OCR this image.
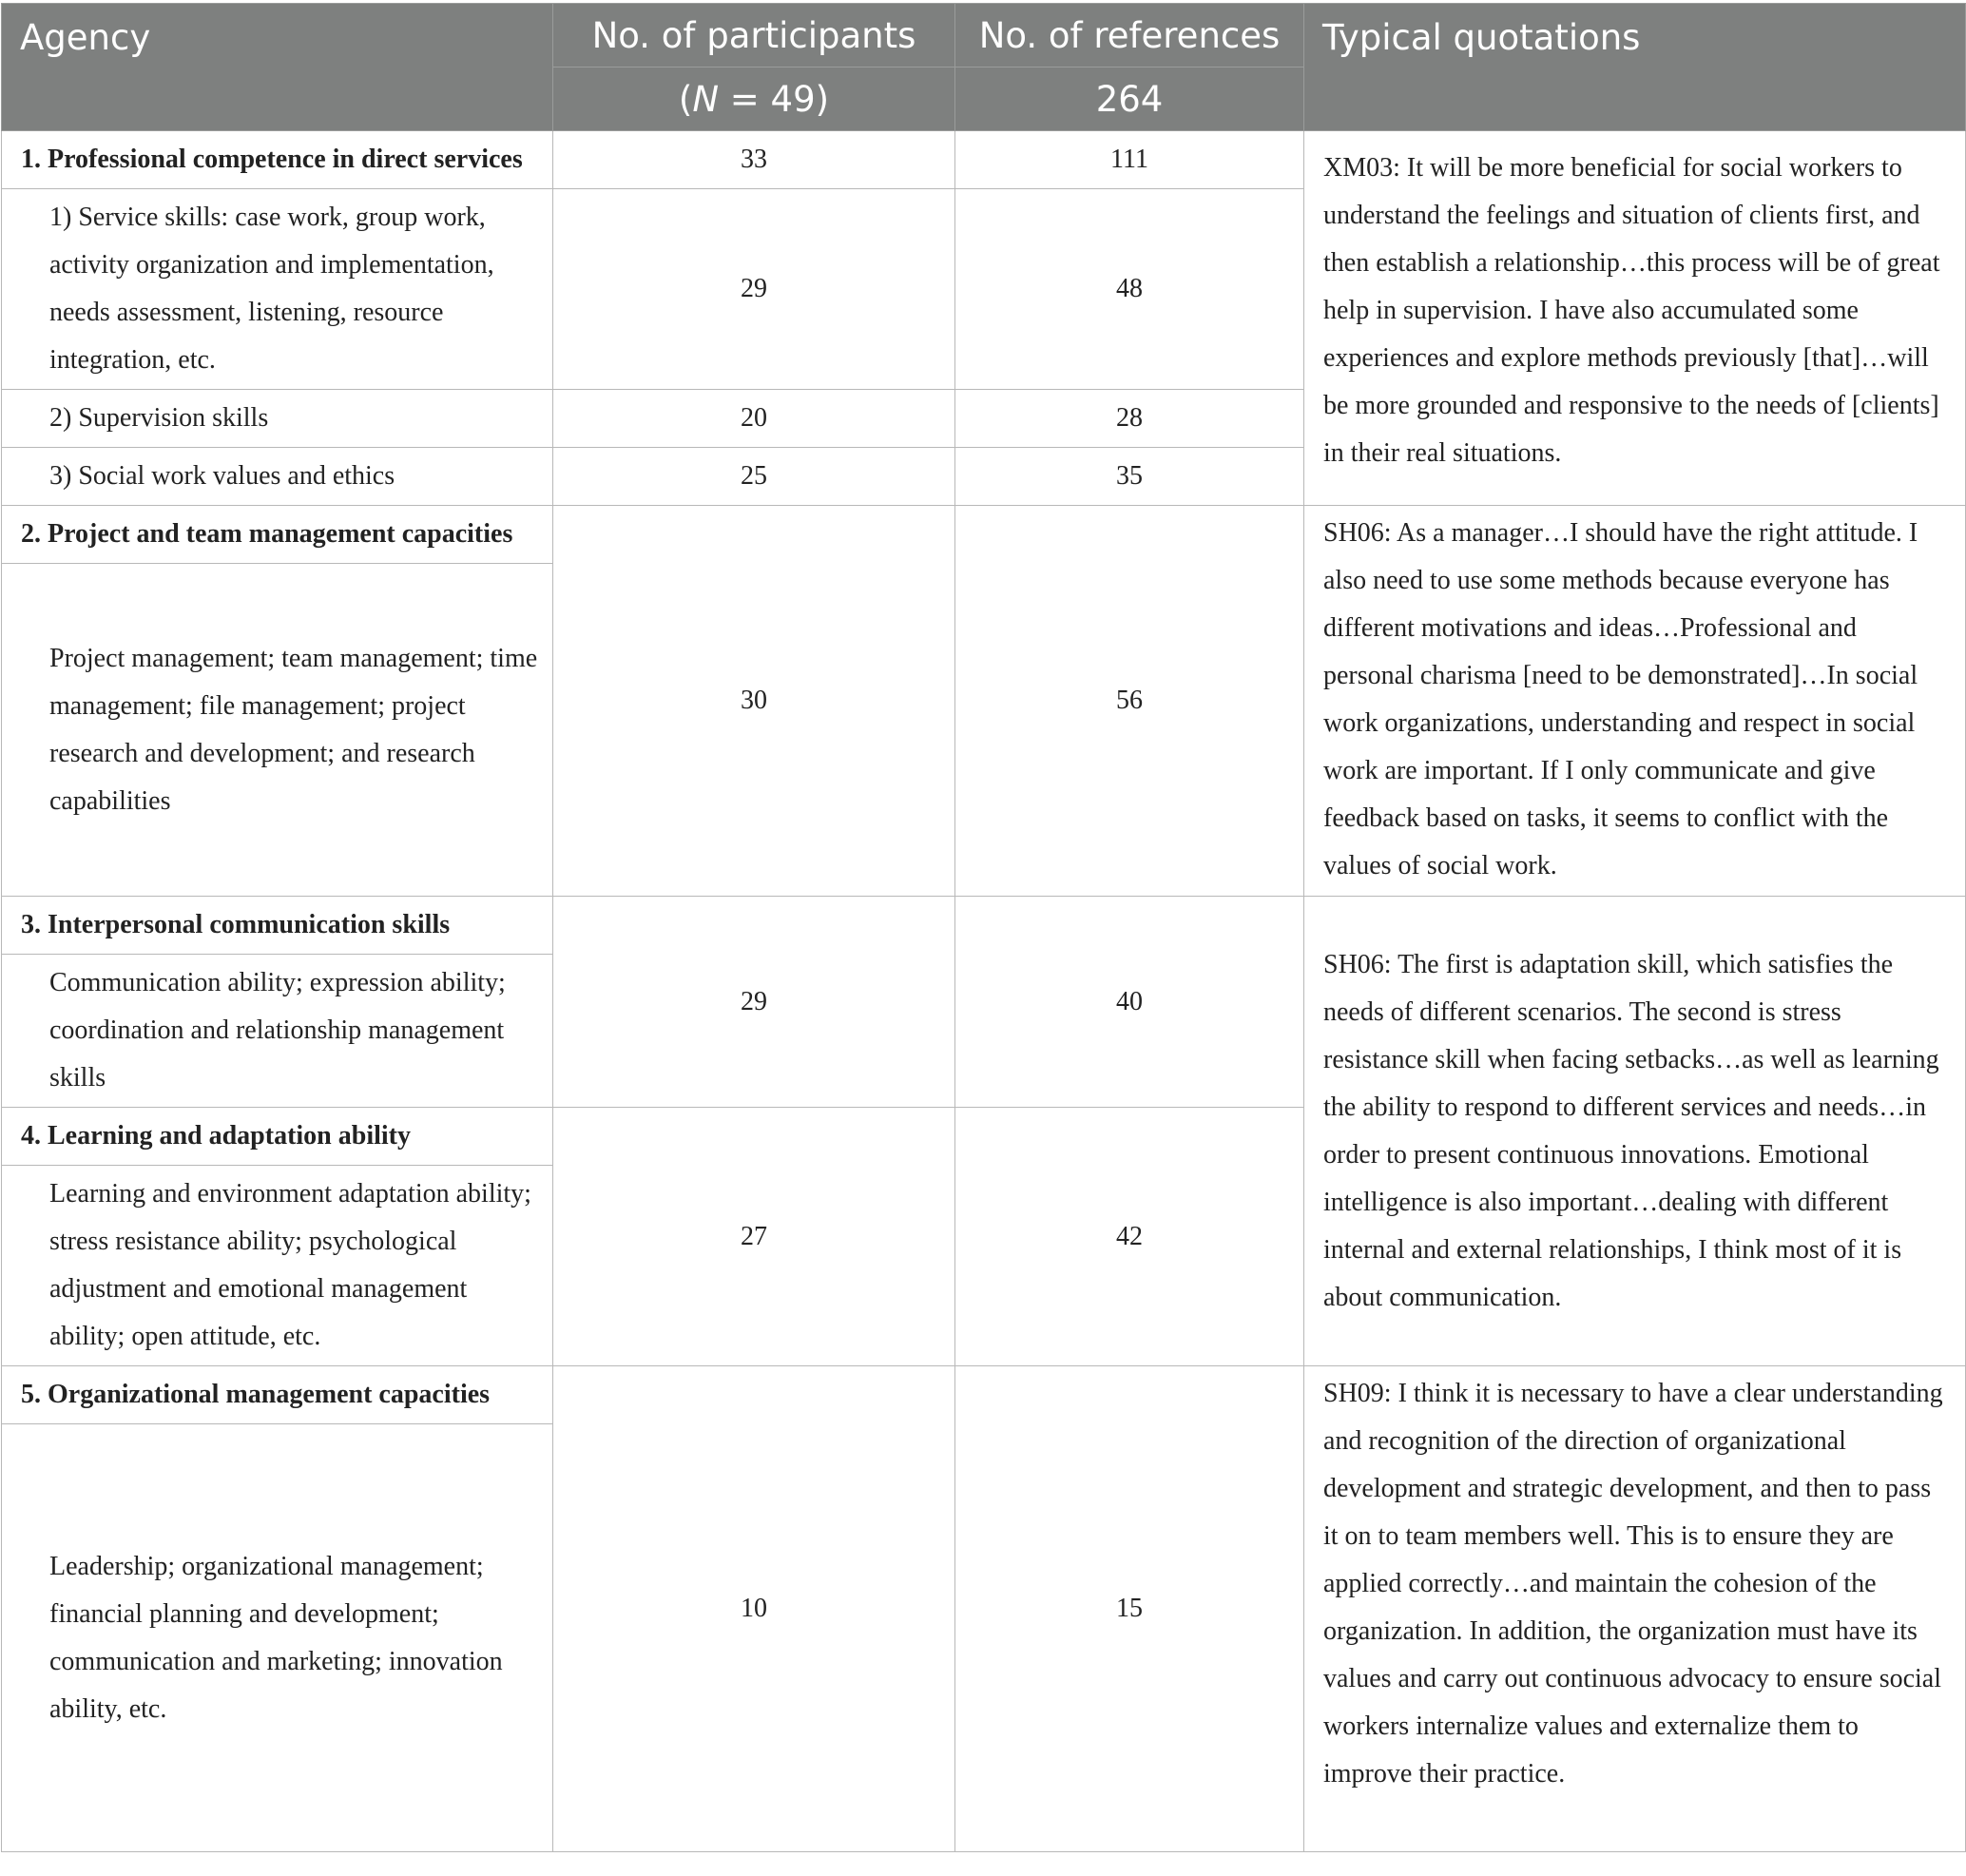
Agency	No. of participants	No. of references	Typical quotations
	(N = 49)	264	
1. Professional competence in direct services	33	111	XM03: It will be more beneficial for social workers to understand the feelings and situation of clients first, and then establish a relationship…this process will be of great help in supervision. I have also accumulated some experiences and explore methods previously [that]…will be more grounded and responsive to the needs of [clients] in their real situations.
1) Service skills: case work, group work, activity organization and implementation, needs assessment, listening, resource integration, etc.	29	48	
2) Supervision skills	20	28	
3) Social work values and ethics	25	35	
2. Project and team management capacities	30	56	SH06: As a manager…I should have the right attitude. I also need to use some methods because everyone has different motivations and ideas…Professional and personal charisma [need to be demonstrated]…In social work organizations, understanding and respect in social work are important. If I only communicate and give feedback based on tasks, it seems to conflict with the values of social work.
Project management; team management; time management; file management; project research and development; and research capabilities			
3. Interpersonal communication skills	29	40	SH06: The first is adaptation skill, which satisfies the needs of different scenarios. The second is stress resistance skill when facing setbacks…as well as learning the ability to respond to different services and needs…in order to present continuous innovations. Emotional intelligence is also important…dealing with different internal and external relationships, I think most of it is about communication.
Communication ability; expression ability; coordination and relationship management skills			
4. Learning and adaptation ability	27	42	
Learning and environment adaptation ability; stress resistance ability; psychological adjustment and emotional management ability; open attitude, etc.			
5. Organizational management capacities	10	15	SH09: I think it is necessary to have a clear understanding and recognition of the direction of organizational development and strategic development, and then to pass it on to team members well. This is to ensure they are applied correctly…and maintain the cohesion of the organization. In addition, the organization must have its values and carry out continuous advocacy to ensure social workers internalize values and externalize them to improve their practice.
Leadership; organizational management; financial planning and development; communication and marketing; innovation ability, etc.			
